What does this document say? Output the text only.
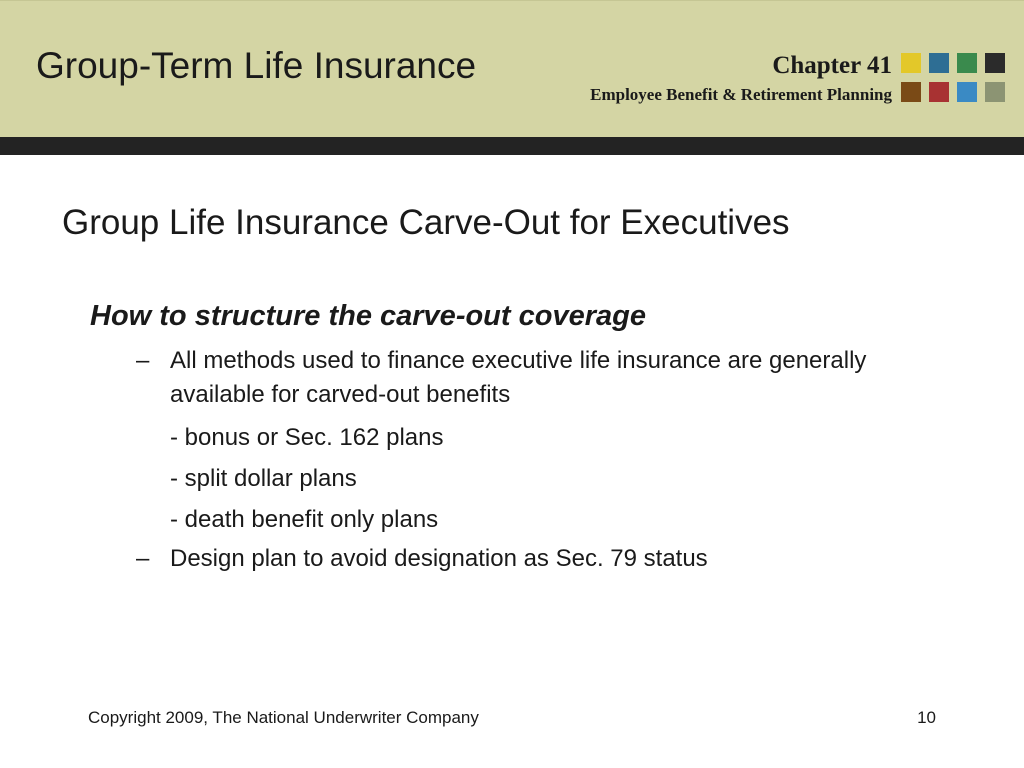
Group-Term Life Insurance	Chapter 41
Employee Benefit & Retirement Planning
Group Life Insurance Carve-Out for Executives
How to structure the carve-out coverage
– All methods used to finance executive life insurance are generally available for carved-out benefits
- bonus or Sec. 162 plans
- split dollar plans
- death benefit only plans
– Design plan to avoid designation as Sec. 79 status
Copyright 2009, The National Underwriter Company	10
